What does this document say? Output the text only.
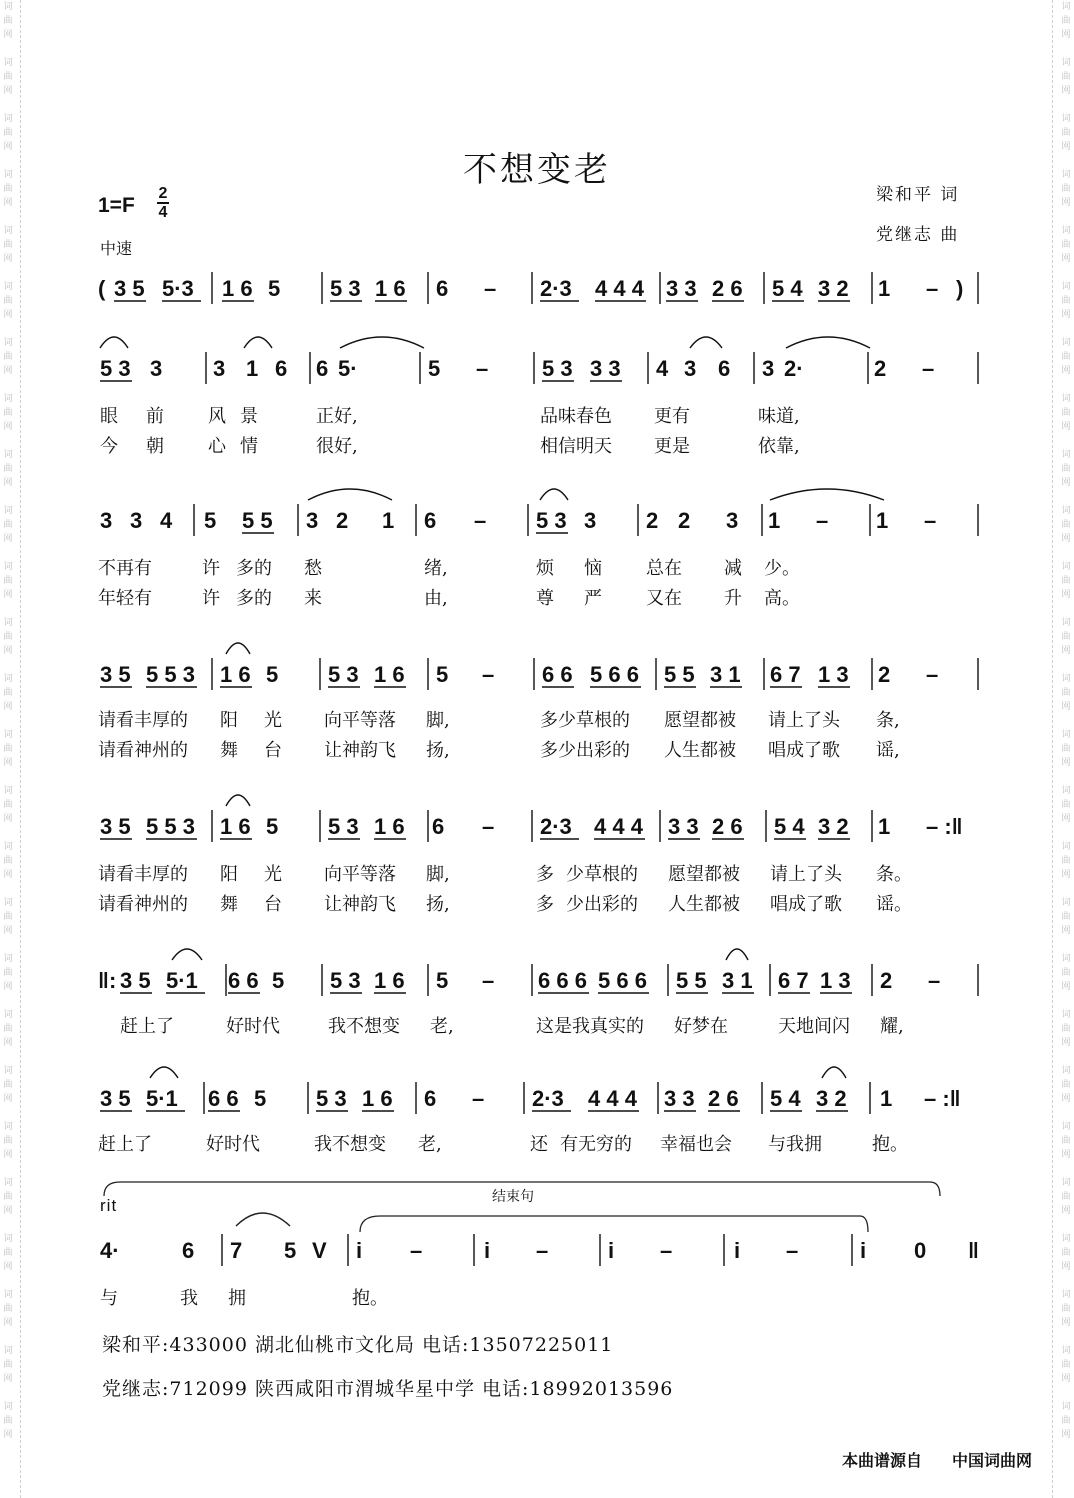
词
曲
网

词
曲
网

词
曲
网

词
曲
网

词
曲
网

词
曲
网

词
曲
网

词
曲
网

词
曲
网

词
曲
网

词
曲
网

词
曲
网

词
曲
网

词
曲
网

词
曲
网

词
曲
网

词
曲
网

词
曲
网

词
曲
网

词
曲
网

词
曲
网

词
曲
网

词
曲
网

词
曲
网

词
曲
网

词
曲
网

词
曲
网

词
曲
网

词
曲
网

词
曲
网

词
曲
网

词
曲
网

词
曲
网

词
曲
网

词
曲
网

词
曲
网

词
曲
网

词
曲
网

词
曲
网

词
曲
网

词
曲
网

词
曲
网

词
曲
网

词
曲
网

词
曲
网

词
曲
网

词
曲
网

词
曲
网

词
曲
网

词
曲
网

词
曲
网

词
曲
网

不想变老
梁和平 词
党继志 曲
1=F
2
4
中速
( 3 5 5·3 1 6 5 5 3 1 6 6 – 2·3 4 4 4 3 3 2 6 5 4 3 2 1 – )
5 3 3 3 1 6 6 5·	5 – 5 3 3 3 4 3 6 3 2·	2 –
3 3 4 5 5 5 3 2 1 6 – 5 3 3 2 2 3 1 – 1 –
3 5 5 5 3 1 6 5 5 3 1 6 5 – 6 6 5 6 6 5 5 3 1 6 7 1 3 2 –
3 5 5 5 3 1 6 5 5 3 1 6 6 – 2·3 4 4 4 3 3 2 6 5 4 3 2 1 – :‖
‖: 3 5 5·1 6 6 5 5 3 1 6 5 – 6 6 6 5 6 6 5 5 3 1 6 7 1 3 2 –
3 5 5·1 6 6 5 5 3 1 6 6 – 2·3 4 4 4 3 3 2 6 5 4 3 2 1 – :‖
4·	6 7 5 V i –	i –	i –	i –	i 0 ‖
眼 前 风 景	正好,	品味春色 更有	味道,
今 朝 心 情	很好,	相信明天 更是	依靠,
不再有	许 多的 愁	绪,	烦 恼 总在 减 少。
年轻有	许 多的 来	由,	尊 严 又在 升 高。
请看丰厚的 阳 光 向平等落 脚,	多少草根的 愿望都被 请上了头 条,
请看神州的 舞 台 让神韵飞 扬,	多少出彩的 人生都被 唱成了歌 谣,
请看丰厚的 阳 光 向平等落 脚,	多 少草根的 愿望都被 请上了头 条。
请看神州的 舞 台 让神韵飞 扬,	多 少出彩的 人生都被 唱成了歌 谣。
赶上了	好时代	我不想变 老,	这是我真实的 好梦在	天地间闪 耀,
赶上了	好时代	我不想变 老,	还 有无穷的 幸福也会 与我拥	抱。
与	我 拥	抱。
rit	结束句
梁和平:433000 湖北仙桃市文化局 电话:13507225011
党继志:712099 陕西咸阳市渭城华星中学 电话:18992013596
本曲谱源自 中国词曲网
